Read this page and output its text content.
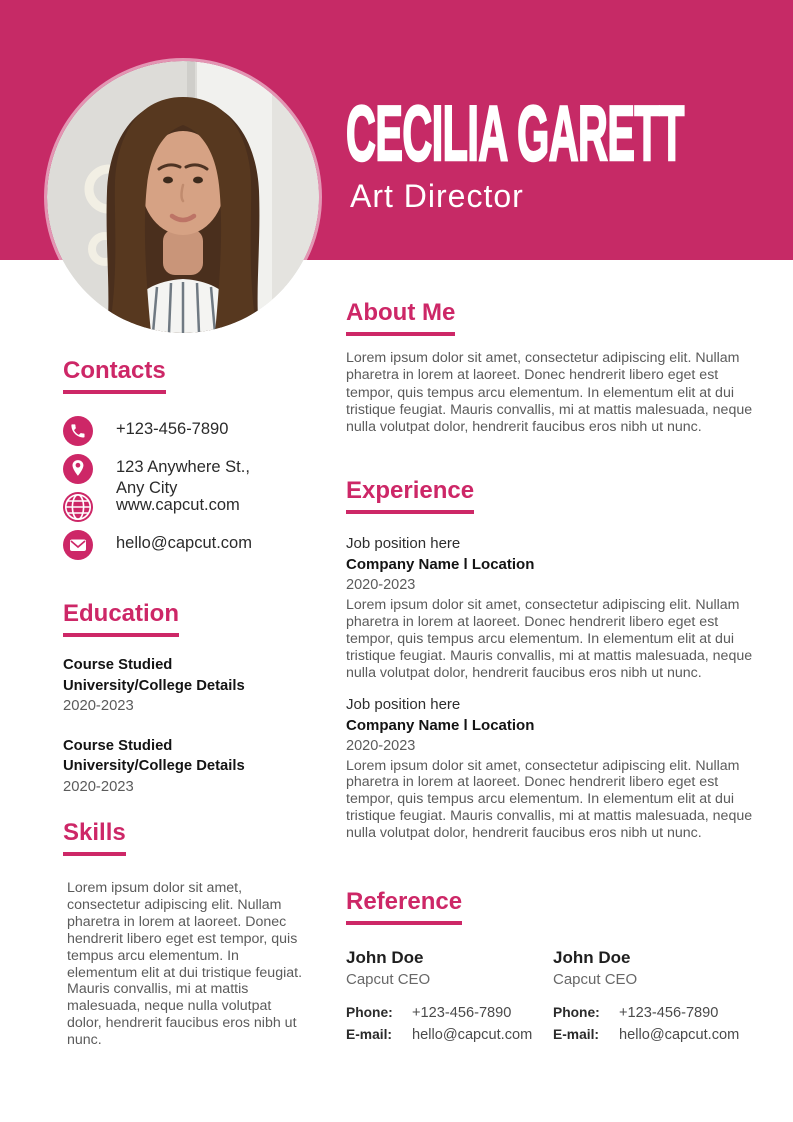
CECILIA GARETT
Art Director
Contacts
+123-456-7890
123 Anywhere St.,
Any City
www.capcut.com
hello@capcut.com
Education
Course Studied
University/College Details
2020-2023
Course Studied
University/College Details
2020-2023
Skills

Lorem ipsum dolor sit amet, consectetur adipiscing elit. Nullam pharetra in lorem at laoreet. Donec hendrerit libero eget est tempor, quis tempus arcu elementum. In elementum elit at dui tristique feugiat. Mauris convallis, mi at mattis malesuada, neque nulla volutpat dolor, hendrerit faucibus eros nibh ut nunc.

About Me

Lorem ipsum dolor sit amet, consectetur adipiscing elit. Nullam pharetra in lorem at laoreet. Donec hendrerit libero eget est tempor, quis tempus arcu elementum. In elementum elit at dui tristique feugiat. Mauris convallis, mi at mattis malesuada, neque nulla volutpat dolor, hendrerit faucibus eros nibh ut nunc.

Experience
Job position here
Company Name l Location
2020-2023

Lorem ipsum dolor sit amet, consectetur adipiscing elit. Nullam pharetra in lorem at laoreet. Donec hendrerit libero eget est tempor, quis tempus arcu elementum. In elementum elit at dui tristique feugiat. Mauris convallis, mi at mattis malesuada, neque nulla volutpat dolor, hendrerit faucibus eros nibh ut nunc.

Job position here
Company Name l Location
2020-2023

Lorem ipsum dolor sit amet, consectetur adipiscing elit. Nullam pharetra in lorem at laoreet. Donec hendrerit libero eget est tempor, quis tempus arcu elementum. In elementum elit at dui tristique feugiat. Mauris convallis, mi at mattis malesuada, neque nulla volutpat dolor, hendrerit faucibus eros nibh ut nunc.

Reference
John Doe
Capcut CEO
Phone:	+123-456-7890
E-mail:	hello@capcut.com
John Doe
Capcut CEO
Phone:	+123-456-7890
E-mail:	hello@capcut.com
